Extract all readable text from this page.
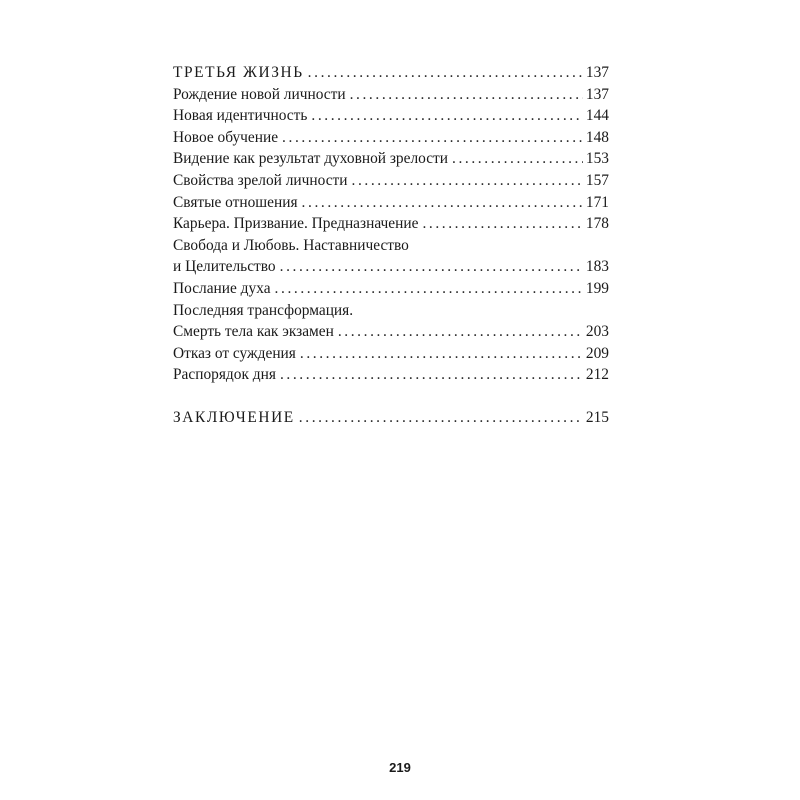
ТРЕТЬЯ ЖИЗНЬ .....	137
Рождение новой личности .....	137
Новая идентичность .....	144
Новое обучение .....	148
Видение как результат духовной зрелости .....	153
Свойства зрелой личности .....	157
Святые отношения .....	171
Карьера. Призвание. Предназначение .....	178
Свобода и Любовь. Наставничество
и Целительство .....	183
Послание духа .....	199
Последняя трансформация.
Смерть тела как экзамен .....	203
Отказ от суждения .....	209
Распорядок дня .....	212
ЗАКЛЮЧЕНИЕ .....	215
219
